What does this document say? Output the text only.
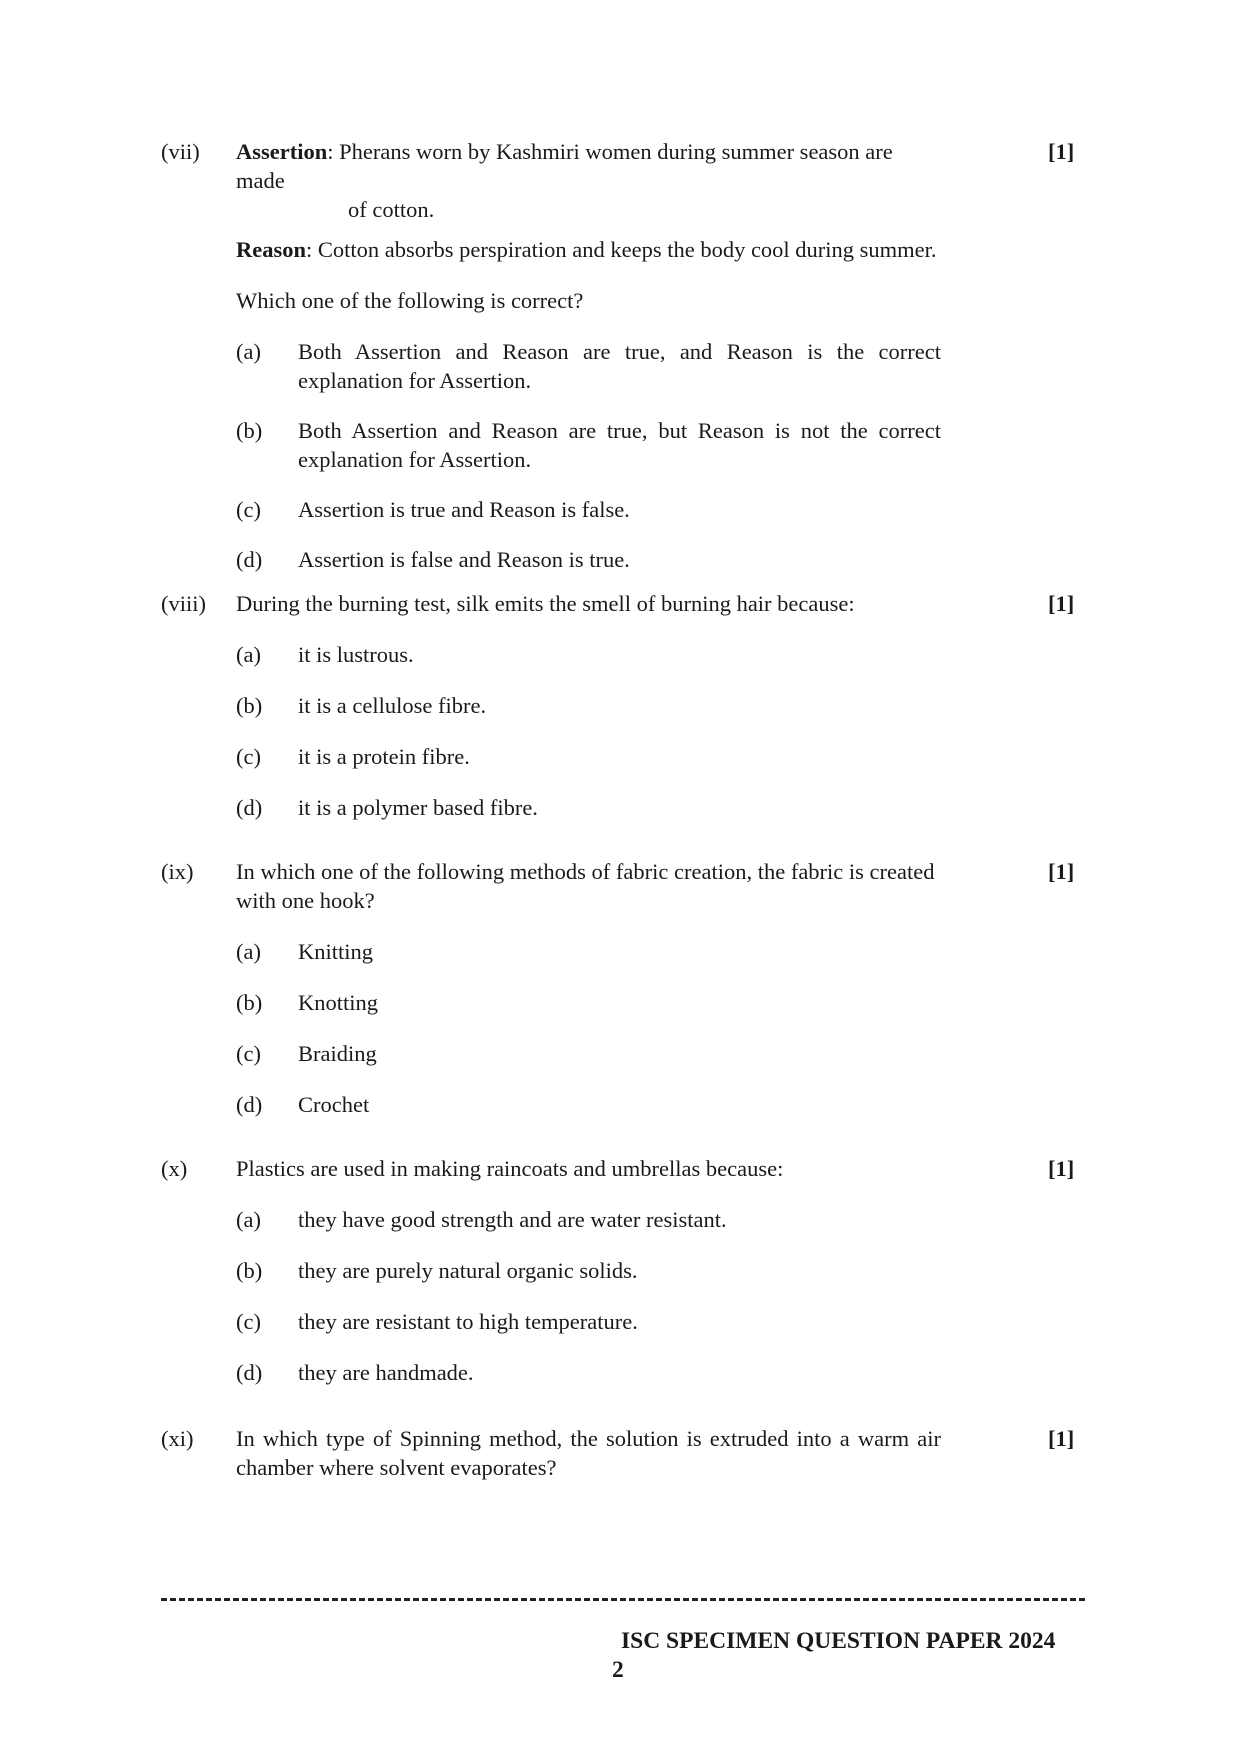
(vii)	[1]
Assertion: Pherans worn by Kashmiri women during summer season are made
of cotton.
Reason: Cotton absorbs perspiration and keeps the body cool during summer.
Which one of the following is correct?
(a) Both Assertion and Reason are true, and Reason is the correct explanation for Assertion.
(b) Both Assertion and Reason are true, but Reason is not the correct explanation for Assertion.
(c) Assertion is true and Reason is false.
(d) Assertion is false and Reason is true.
(viii)	[1]
During the burning test, silk emits the smell of burning hair because:
(a) it is lustrous.
(b) it is a cellulose fibre.
(c) it is a protein fibre.
(d) it is a polymer based fibre.
(ix)	[1]
In which one of the following methods of fabric creation, the fabric is created with one hook?
(a) Knitting
(b) Knotting
(c) Braiding
(d) Crochet
(x)	[1]
Plastics are used in making raincoats and umbrellas because:
(a) they have good strength and are water resistant.
(b) they are purely natural organic solids.
(c) they are resistant to high temperature.
(d) they are handmade.
(xi)	[1]
In which type of Spinning method, the solution is extruded into a warm air chamber where solvent evaporates?
ISC SPECIMEN QUESTION PAPER 2024
2
